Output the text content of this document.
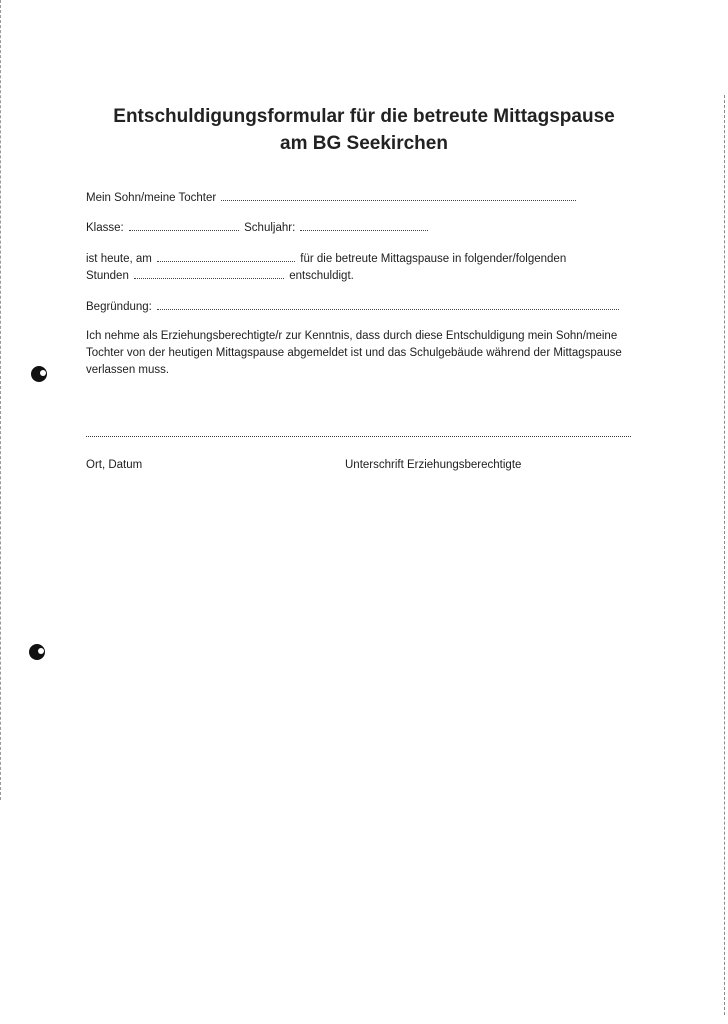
Entschuldigungsformular für die betreute Mittagspause
am BG Seekirchen
Mein Sohn/meine Tochter
Klasse:	Schuljahr:
ist heute, am	für die betreute Mittagspause in folgender/folgenden
Stunden	entschuldigt.
Begründung:

Ich nehme als Erziehungsberechtigte/r zur Kenntnis, dass durch diese Entschuldigung mein Sohn/meine Tochter von der heutigen Mittagspause abgemeldet ist und das Schulgebäude während der Mittagspause verlassen muss.

Ort, Datum	Unterschrift Erziehungsberechtigte
